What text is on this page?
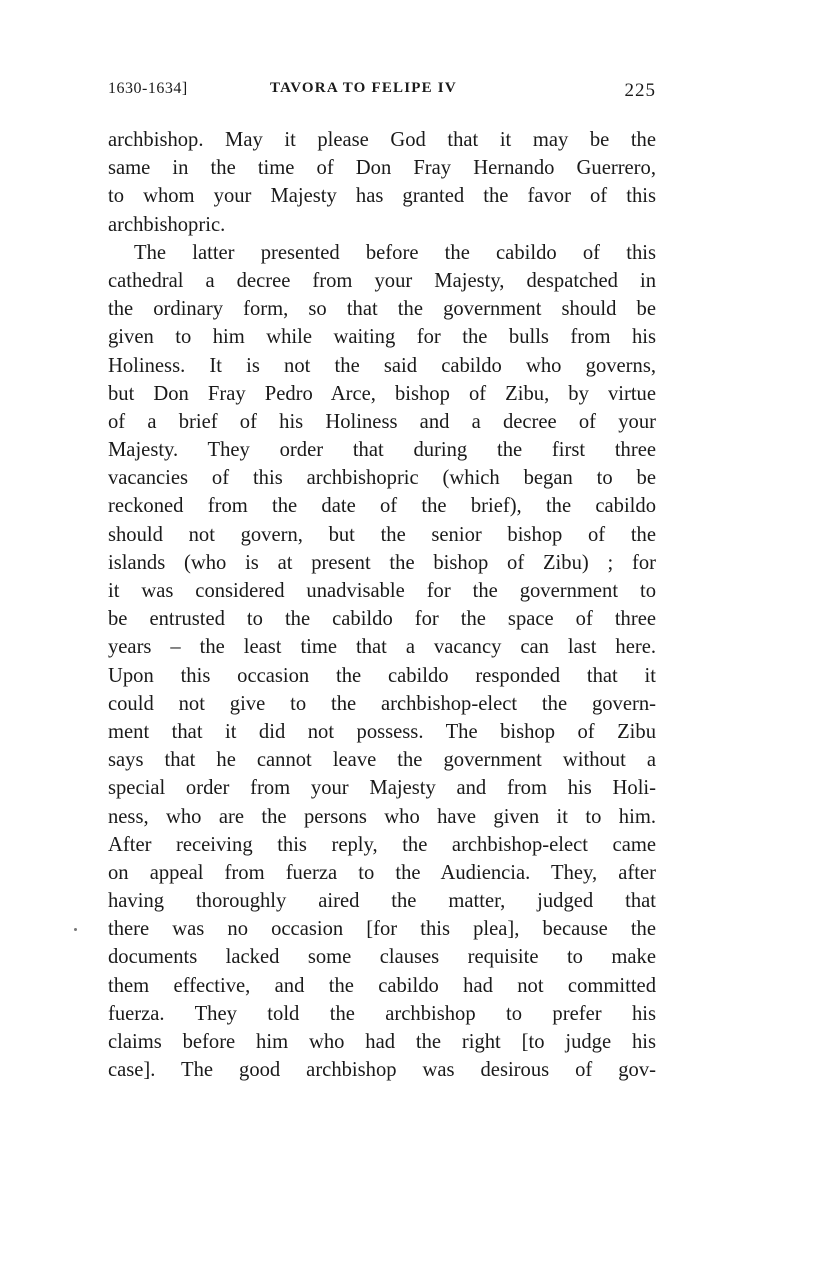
1630-1634]	TAVORA TO FELIPE IV	225
archbishop. May it please God that it may be the
same in the time of Don Fray Hernando Guerrero,
to whom your Majesty has granted the favor of this
archbishopric.
The latter presented before the cabildo of this
cathedral a decree from your Majesty, despatched in
the ordinary form, so that the government should be
given to him while waiting for the bulls from his
Holiness. It is not the said cabildo who governs,
but Don Fray Pedro Arce, bishop of Zibu, by virtue
of a brief of his Holiness and a decree of your
Majesty. They order that during the first three
vacancies of this archbishopric (which began to be
reckoned from the date of the brief), the cabildo
should not govern, but the senior bishop of the
islands (who is at present the bishop of Zibu) ; for
it was considered unadvisable for the government to
be entrusted to the cabildo for the space of three
years – the least time that a vacancy can last here.
Upon this occasion the cabildo responded that it
could not give to the archbishop-elect the govern-
ment that it did not possess. The bishop of Zibu
says that he cannot leave the government without a
special order from your Majesty and from his Holi-
ness, who are the persons who have given it to him.
After receiving this reply, the archbishop-elect came
on appeal from fuerza to the Audiencia. They, after
having thoroughly aired the matter, judged that
there was no occasion [for this plea], because the
documents lacked some clauses requisite to make
them effective, and the cabildo had not committed
fuerza. They told the archbishop to prefer his
claims before him who had the right [to judge his
case]. The good archbishop was desirous of gov-
